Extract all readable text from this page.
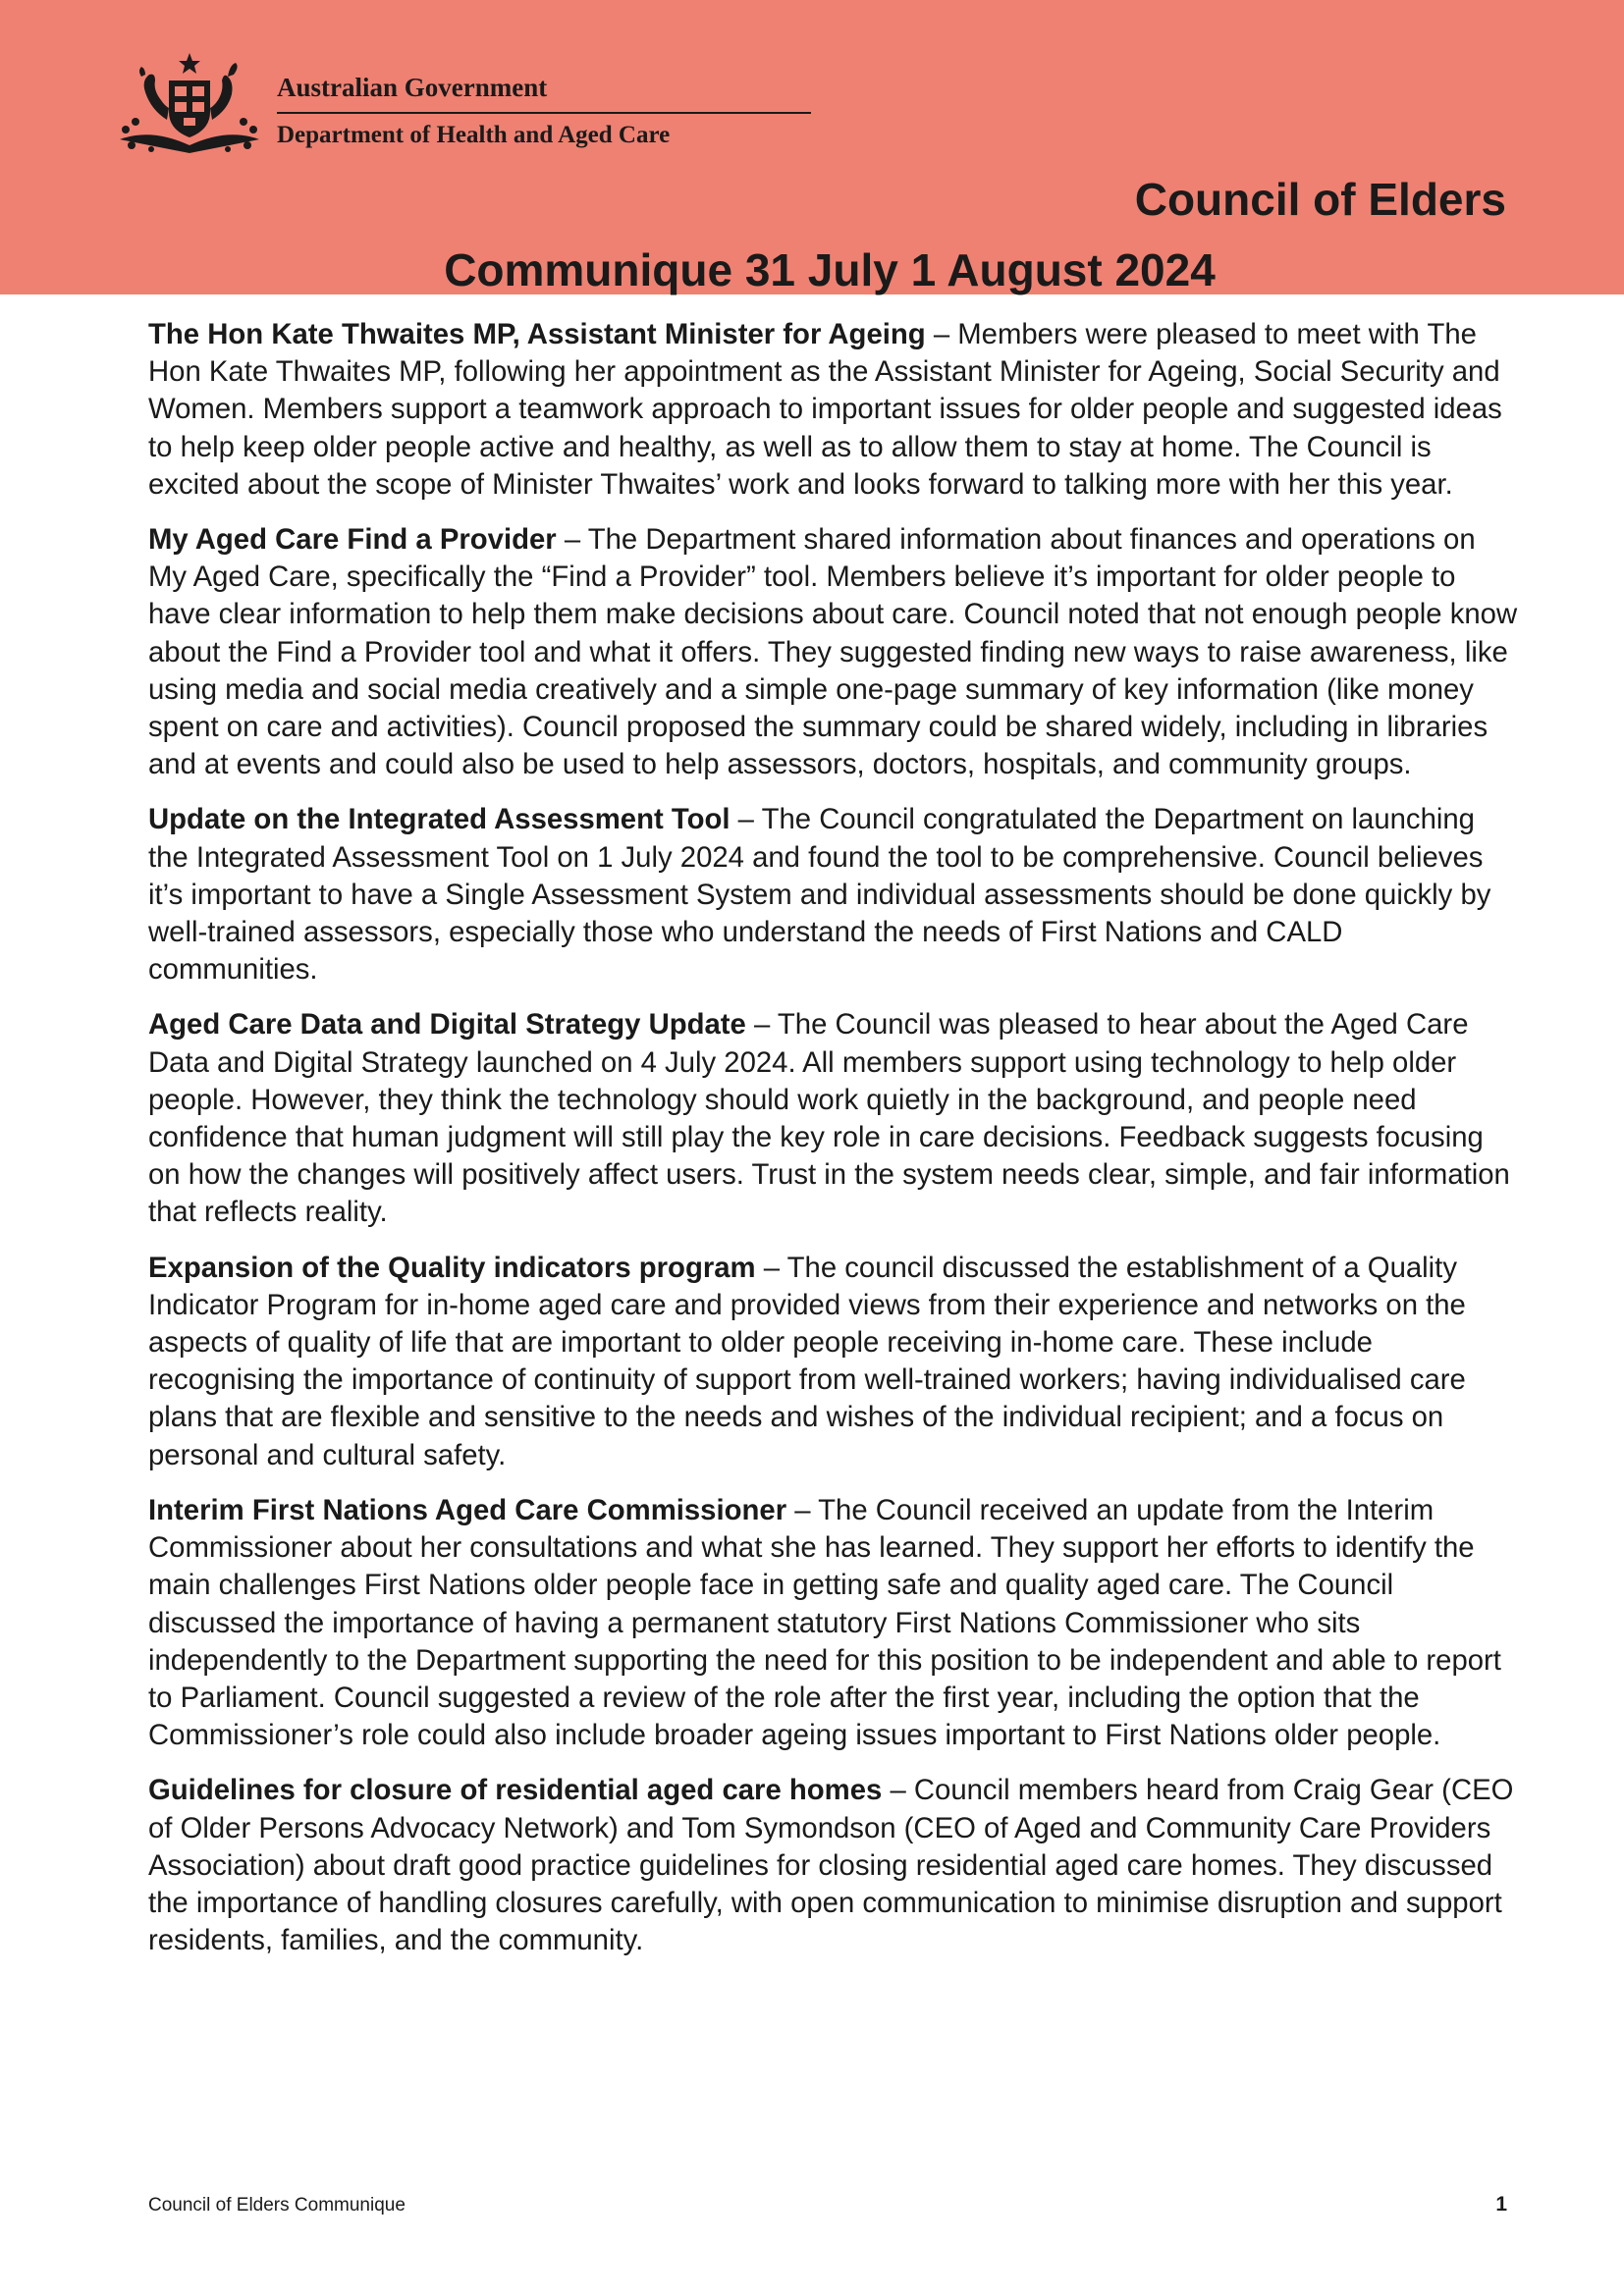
Australian Government
Department of Health and Aged Care
Council of Elders
Communique 31 July 1 August 2024

The Hon Kate Thwaites MP, Assistant Minister for Ageing – Members were pleased to meet with The Hon Kate Thwaites MP, following her appointment as the Assistant Minister for Ageing, Social Security and Women. Members support a teamwork approach to important issues for older people and suggested ideas to help keep older people active and healthy, as well as to allow them to stay at home. The Council is excited about the scope of Minister Thwaites’ work and looks forward to talking more with her this year.

My Aged Care Find a Provider – The Department shared information about finances and operations on My Aged Care, specifically the “Find a Provider” tool. Members believe it’s important for older people to have clear information to help them make decisions about care. Council noted that not enough people know about the Find a Provider tool and what it offers. They suggested finding new ways to raise awareness, like using media and social media creatively and a simple one-page summary of key information (like money spent on care and activities). Council proposed the summary could be shared widely, including in libraries and at events and could also be used to help assessors, doctors, hospitals, and community groups.

Update on the Integrated Assessment Tool – The Council congratulated the Department on launching the Integrated Assessment Tool on 1 July 2024 and found the tool to be comprehensive. Council believes it’s important to have a Single Assessment System and individual assessments should be done quickly by well-trained assessors, especially those who understand the needs of First Nations and CALD communities.

Aged Care Data and Digital Strategy Update – The Council was pleased to hear about the Aged Care Data and Digital Strategy launched on 4 July 2024. All members support using technology to help older people. However, they think the technology should work quietly in the background, and people need confidence that human judgment will still play the key role in care decisions. Feedback suggests focusing on how the changes will positively affect users. Trust in the system needs clear, simple, and fair information that reflects reality.

Expansion of the Quality indicators program – The council discussed the establishment of a Quality Indicator Program for in-home aged care and provided views from their experience and networks on the aspects of quality of life that are important to older people receiving in-home care. These include recognising the importance of continuity of support from well-trained workers; having individualised care plans that are flexible and sensitive to the needs and wishes of the individual recipient; and a focus on personal and cultural safety.

Interim First Nations Aged Care Commissioner – The Council received an update from the Interim Commissioner about her consultations and what she has learned. They support her efforts to identify the main challenges First Nations older people face in getting safe and quality aged care. The Council discussed the importance of having a permanent statutory First Nations Commissioner who sits independently to the Department supporting the need for this position to be independent and able to report to Parliament. Council suggested a review of the role after the first year, including the option that the Commissioner’s role could also include broader ageing issues important to First Nations older people.

Guidelines for closure of residential aged care homes – Council members heard from Craig Gear (CEO of Older Persons Advocacy Network) and Tom Symondson (CEO of Aged and Community Care Providers Association) about draft good practice guidelines for closing residential aged care homes. They discussed the importance of handling closures carefully, with open communication to minimise disruption and support residents, families, and the community.

Council of Elders Communique	1
